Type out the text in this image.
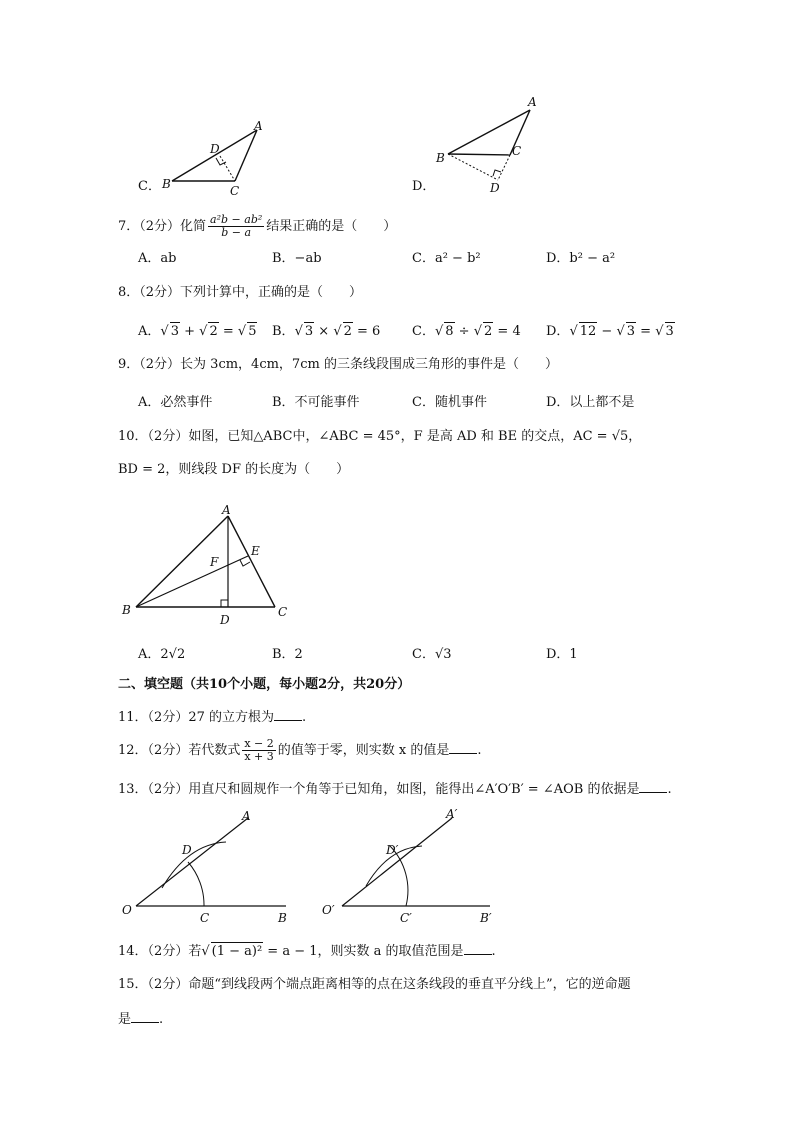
C．
A
B	C
D
D．
A
B	C
D
7．（2分）化简 $\frac{\text{a²b − ab²}}{b - a}$ 结果正确的是（　　）
A．ab	B．−ab	C．a² − b²	D．b² − a²
8．（2分）下列计算中，正确的是（　　）
A．√ 3 + √ 2 = √ 5 B．√ 3 × √ 2 = 6 C．√ 8 ÷ √ 2 = 4 D．√ 12 − √ 3 = √ 3
9．（2分）长为 3cm，4cm，7cm 的三条线段围成三角形的事件是（　　）
A．必然事件	B．不可能事件	C．随机事件	D．以上都不是
10．（2分）如图，已知△ABC中，∠ABC = 45°，F 是高 AD 和 BE 的交点，AC = √5，
BD = 2，则线段 DF 的长度为（　　）
A
B	C
D
E
F
A．2√2	B．2	C．√3	D．1
二、填空题（共10个小题，每小题2分，共20分）
11．（2分）27 的立方根为 .
12．（2分）若代数式 $\frac{x - 2}{x + 3}$ 的值等于零，则实数 x 的值是 .
13．（2分）用直尺和圆规作一个角等于已知角，如图，能得出∠A′O′B′ = ∠AOB 的依据是 .
A
O
B
C
D
A′
O′
B′
C′
D′
14．（2分）若√ (1 − a)² = a − 1，则实数 a 的取值范围是 .
15．（2分）命题“到线段两个端点距离相等的点在这条线段的垂直平分线上”，它的逆命题
是 .
